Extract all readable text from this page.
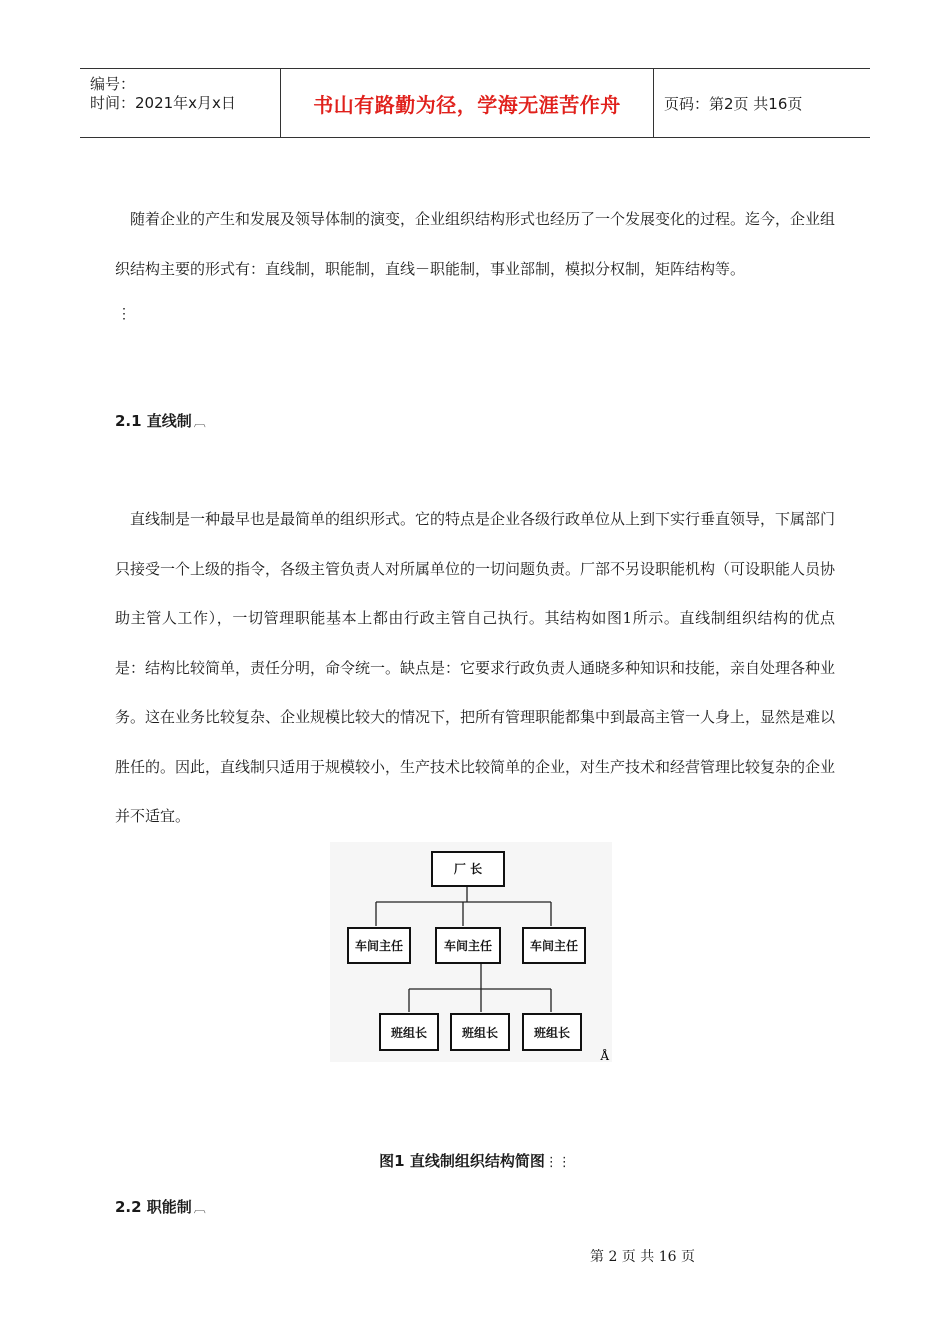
编号：
时间：2021年x月x日	书山有路勤为径，学海无涯苦作舟	页码：第2页 共16页

随着企业的产生和发展及领导体制的演变，企业组织结构形式也经历了一个发展变化的过程。迄今，企业组织结构主要的形式有：直线制，职能制，直线－职能制，事业部制，模拟分权制，矩阵结构等。

⋮
2.1 直线制 ︹

直线制是一种最早也是最简单的组织形式。它的特点是企业各级行政单位从上到下实行垂直领导，下属部门只接受一个上级的指令，各级主管负责人对所属单位的一切问题负责。厂部不另设职能机构（可设职能人员协助主管人工作），一切管理职能基本上都由行政主管自己执行。其结构如图1所示。直线制组织结构的优点是：结构比较简单，责任分明，命令统一。缺点是：它要求行政负责人通晓多种知识和技能，亲自处理各种业务。这在业务比较复杂、企业规模比较大的情况下，把所有管理职能都集中到最高主管一人身上，显然是难以胜任的。因此，直线制只适用于规模较小，生产技术比较简单的企业，对生产技术和经营管理比较复杂的企业并不适宜。

厂 长
车间主任	车间主任	车间主任
班组长	班组长	班组长
Å
图1 直线制组织结构简图⋮⋮
2.2 职能制 ︹
第 2 页 共 16 页
